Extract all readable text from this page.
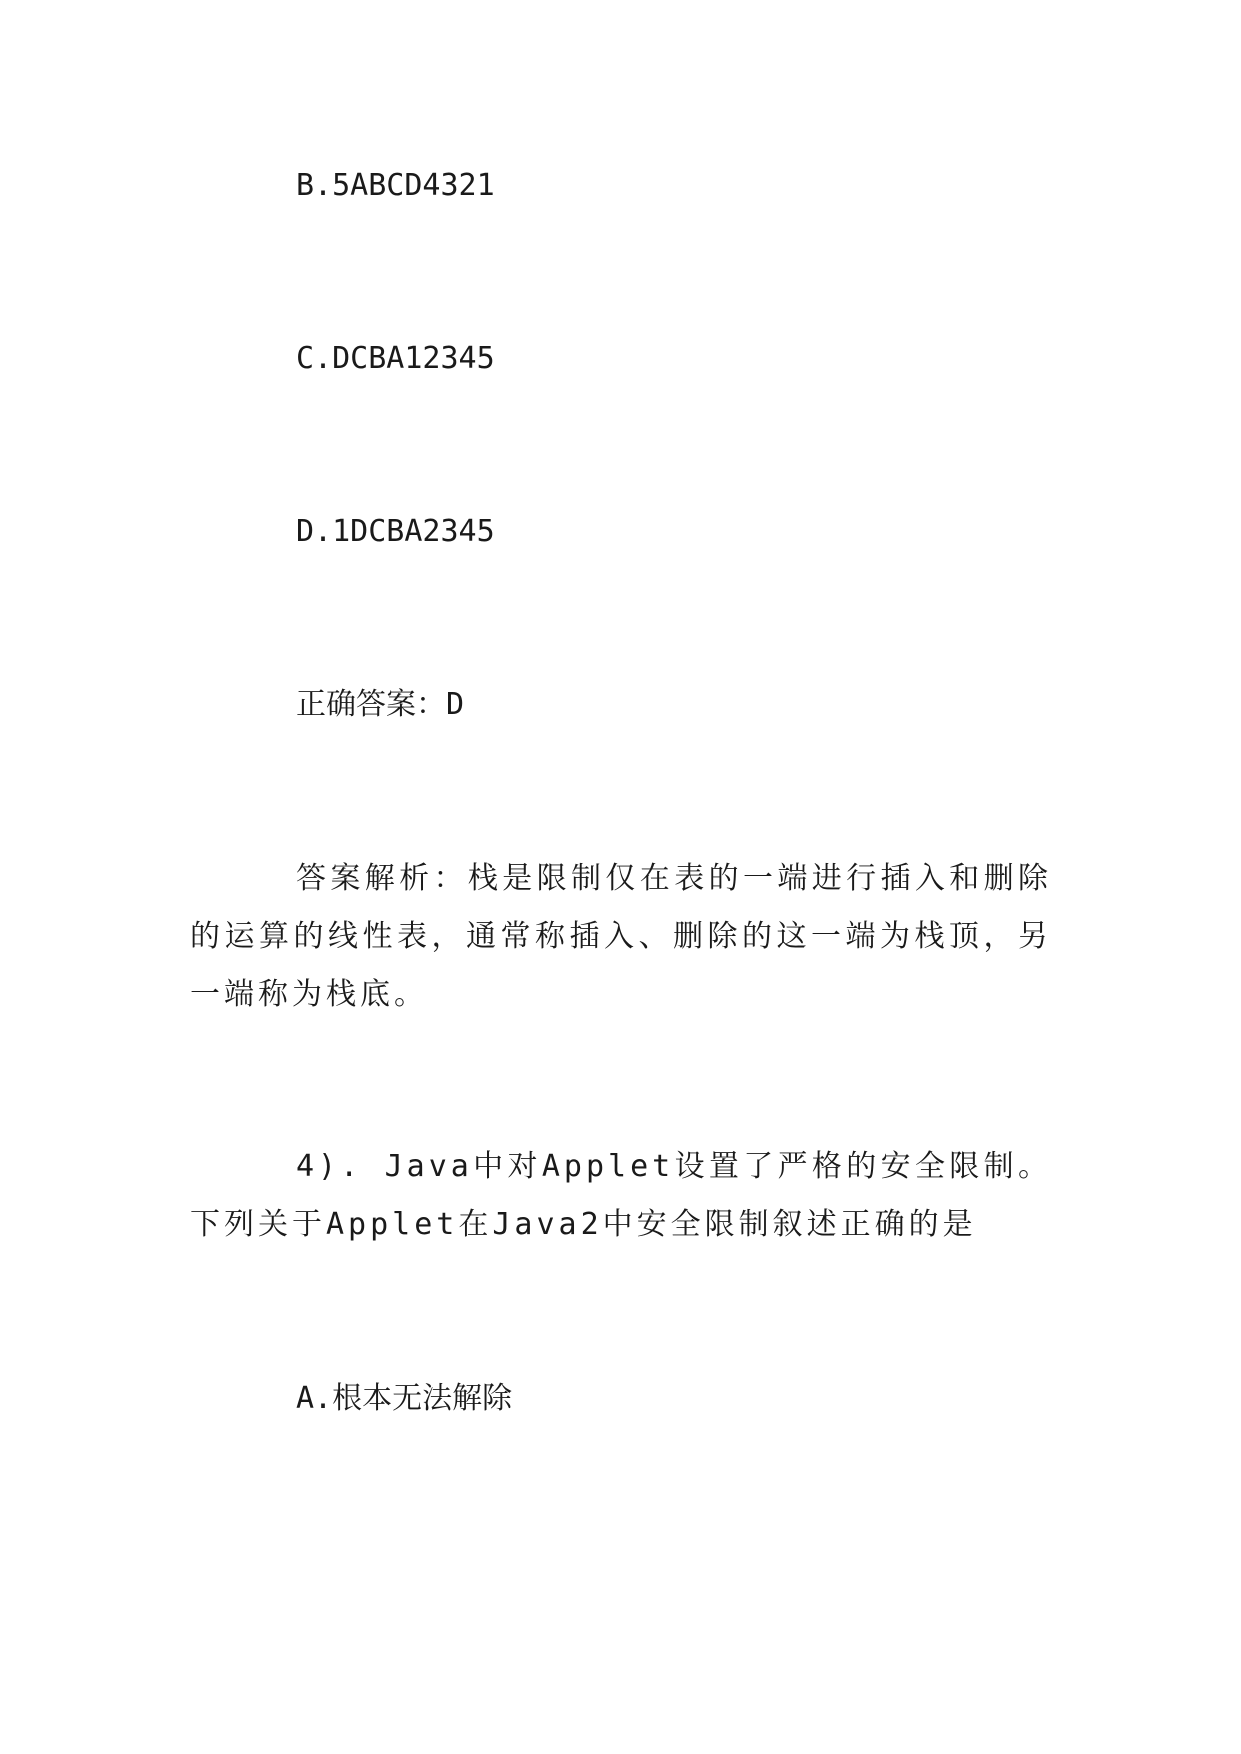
B.5ABCD4321
C.DCBA12345
D.1DCBA2345
正确答案：D
答案解析：栈是限制仅在表的一端进行插入和删除的运算的线性表，通常称插入、删除的这一端为栈顶，另一端称为栈底。
4). Java中对Applet设置了严格的安全限制。下列关于Applet在Java2中安全限制叙述正确的是
A.根本无法解除
